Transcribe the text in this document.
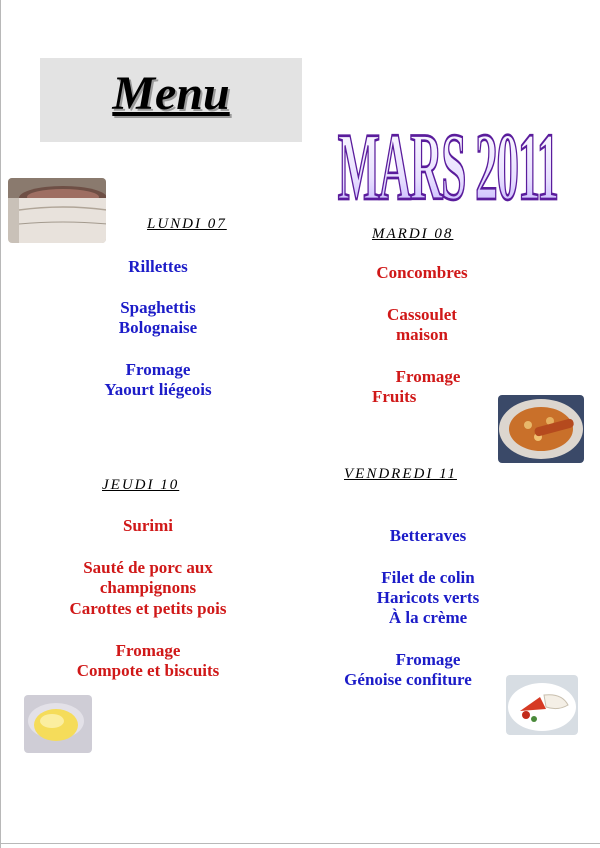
Menu
MARS 2011
LUNDI 07
Rillettes
Spaghettis
Bolognaise
Fromage
Yaourt liégeois
MARDI 08
Concombres
Cassoulet
maison
Fromage
Fruits
JEUDI 10
Surimi
Sauté de porc aux
champignons
Carottes et petits pois
Fromage
Compote et biscuits
VENDREDI 11
Betteraves
Filet de colin
Haricots verts
À la crème
Fromage
Génoise confiture
